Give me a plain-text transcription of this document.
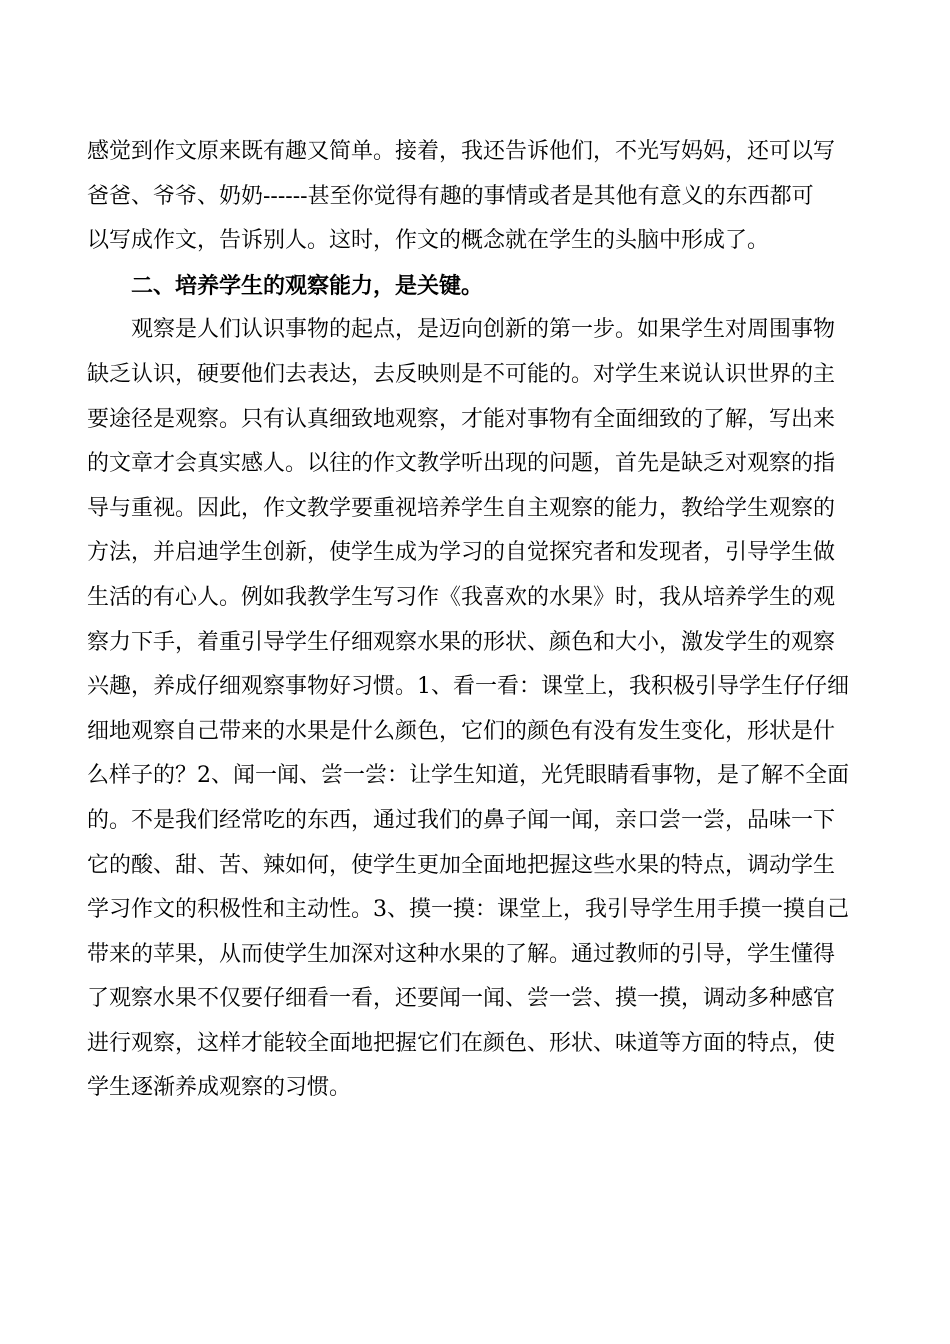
感觉到作文原来既有趣又简单。接着，我还告诉他们，不光写妈妈，还可以写
爸爸、爷爷、奶奶------甚至你觉得有趣的事情或者是其他有意义的东西都可
以写成作文，告诉别人。这时，作文的概念就在学生的头脑中形成了。
二、培养学生的观察能力，是关键。
观察是人们认识事物的起点，是迈向创新的第一步。如果学生对周围事物
缺乏认识，硬要他们去表达，去反映则是不可能的。对学生来说认识世界的主
要途径是观察。只有认真细致地观察，才能对事物有全面细致的了解，写出来
的文章才会真实感人。以往的作文教学听出现的问题，首先是缺乏对观察的指
导与重视。因此，作文教学要重视培养学生自主观察的能力，教给学生观察的
方法，并启迪学生创新，使学生成为学习的自觉探究者和发现者，引导学生做
生活的有心人。例如我教学生写习作《我喜欢的水果》时，我从培养学生的观
察力下手，着重引导学生仔细观察水果的形状、颜色和大小，激发学生的观察
兴趣，养成仔细观察事物好习惯。1、看一看：课堂上，我积极引导学生仔仔细
细地观察自己带来的水果是什么颜色，它们的颜色有没有发生变化，形状是什
么样子的？2、闻一闻、尝一尝：让学生知道，光凭眼睛看事物，是了解不全面
的。不是我们经常吃的东西，通过我们的鼻子闻一闻，亲口尝一尝，品味一下
它的酸、甜、苦、辣如何，使学生更加全面地把握这些水果的特点，调动学生
学习作文的积极性和主动性。3、摸一摸：课堂上，我引导学生用手摸一摸自己
带来的苹果，从而使学生加深对这种水果的了解。通过教师的引导，学生懂得
了观察水果不仅要仔细看一看，还要闻一闻、尝一尝、摸一摸，调动多种感官
进行观察，这样才能较全面地把握它们在颜色、形状、味道等方面的特点，使
学生逐渐养成观察的习惯。
